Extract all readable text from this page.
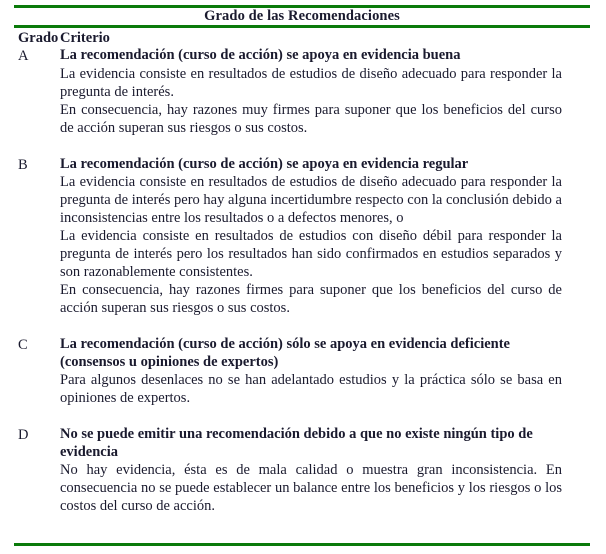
Grado de las Recomendaciones
Grado Criterio
A	La recomendación (curso de acción) se apoya en evidencia buena

La evidencia consiste en resultados de estudios de diseño adecuado para responder la pregunta de interés.

En consecuencia, hay razones muy firmes para suponer que los beneficios del curso de acción superan sus riesgos o sus costos.

B	La recomendación (curso de acción) se apoya en evidencia regular

La evidencia consiste en resultados de estudios de diseño adecuado para responder la pregunta de interés pero hay alguna incertidumbre respecto con la conclusión debido a inconsistencias entre los resultados o a defectos menores, o

La evidencia consiste en resultados de estudios con diseño débil para responder la pregunta de interés pero los resultados han sido confirmados en estudios separados y son razonablemente consistentes.

En consecuencia, hay razones firmes para suponer que los beneficios del curso de acción superan sus riesgos o sus costos.

C	La recomendación (curso de acción) sólo se apoya en evidencia deficiente (consensos u opiniones de expertos)

Para algunos desenlaces no se han adelantado estudios y la práctica sólo se basa en opiniones de expertos.

D	No se puede emitir una recomendación debido a que no existe ningún tipo de evidencia

No hay evidencia, ésta es de mala calidad o muestra gran inconsistencia. En consecuencia no se puede establecer un balance entre los beneficios y los riesgos o los costos del curso de acción.
